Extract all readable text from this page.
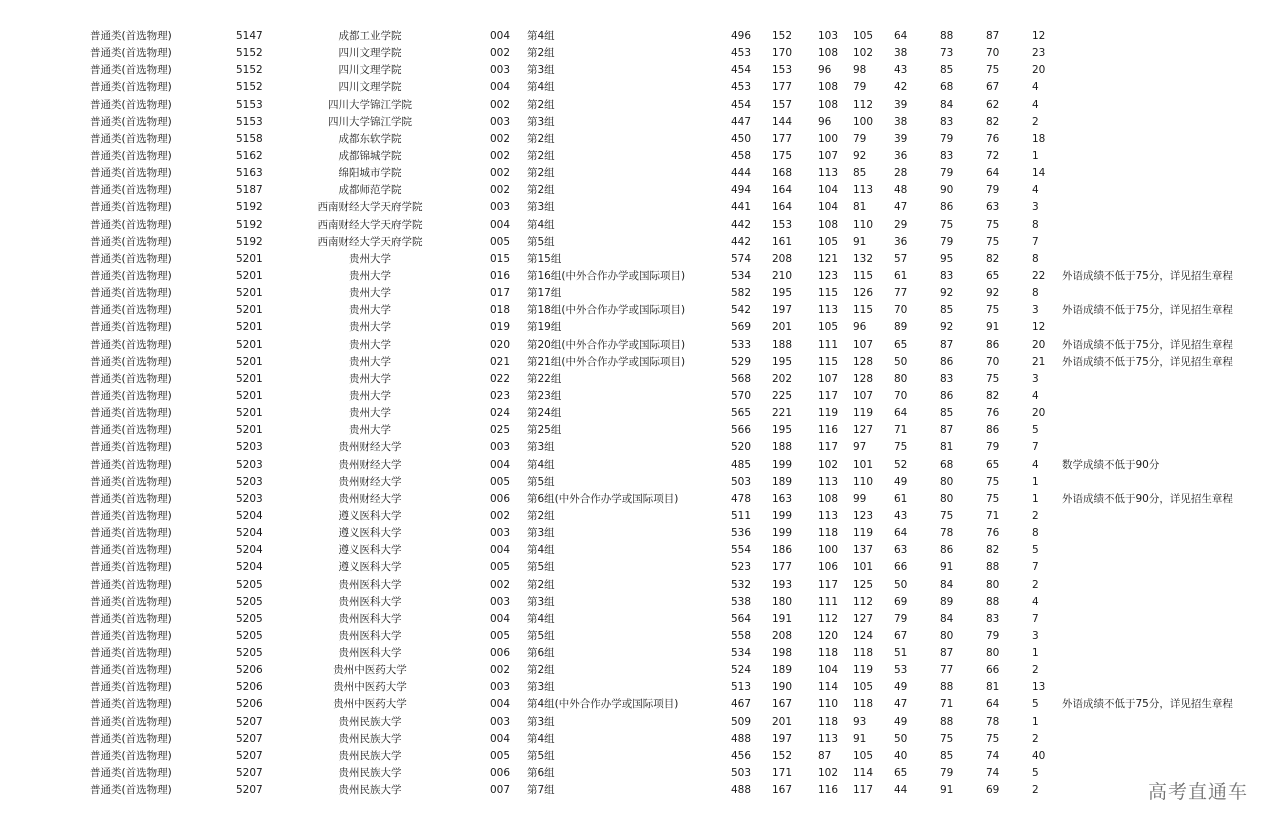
普通类(首选物理)	5147	成都工业学院	004 第4组	496 152 103 105 64	88	87	12
普通类(首选物理)	5152	四川文理学院	002 第2组	453 170 108 102 38	73	70	23
普通类(首选物理)	5152	四川文理学院	003 第3组	454 153 96 98	43	85	75	20
普通类(首选物理)	5152	四川文理学院	004 第4组	453 177 108 79	42	68	67	4
普通类(首选物理)	5153	四川大学锦江学院	002 第2组	454 157 108 112 39	84	62	4
普通类(首选物理)	5153	四川大学锦江学院	003 第3组	447 144 96 100 38	83	82	2
普通类(首选物理)	5158	成都东软学院	002 第2组	450 177 100 79	39	79	76	18
普通类(首选物理)	5162	成都锦城学院	002 第2组	458 175 107 92	36	83	72	1
普通类(首选物理)	5163	绵阳城市学院	002 第2组	444 168 113 85	28	79	64	14
普通类(首选物理)	5187	成都师范学院	002 第2组	494 164 104 113 48	90	79	4
普通类(首选物理)	5192	西南财经大学天府学院	003 第3组	441 164 104 81	47	86	63	3
普通类(首选物理)	5192	西南财经大学天府学院	004 第4组	442 153 108 110 29	75	75	8
普通类(首选物理)	5192	西南财经大学天府学院	005 第5组	442 161 105 91	36	79	75	7
普通类(首选物理)	5201	贵州大学	015 第15组	574 208 121 132 57	95	82	8
普通类(首选物理)	5201	贵州大学	016 第16组(中外合作办学或国际项目)	534 210 123 115 61	83	65	22 外语成绩不低于75分，详见招生章程
普通类(首选物理)	5201	贵州大学	017 第17组	582 195 115 126 77	92	92	8
普通类(首选物理)	5201	贵州大学	018 第18组(中外合作办学或国际项目)	542 197 113 115 70	85	75	3 外语成绩不低于75分，详见招生章程
普通类(首选物理)	5201	贵州大学	019 第19组	569 201 105 96	89	92	91	12
普通类(首选物理)	5201	贵州大学	020 第20组(中外合作办学或国际项目)	533 188 111 107 65	87	86	20 外语成绩不低于75分，详见招生章程
普通类(首选物理)	5201	贵州大学	021 第21组(中外合作办学或国际项目)	529 195 115 128 50	86	70	21 外语成绩不低于75分，详见招生章程
普通类(首选物理)	5201	贵州大学	022 第22组	568 202 107 128 80	83	75	3
普通类(首选物理)	5201	贵州大学	023 第23组	570 225 117 107 70	86	82	4
普通类(首选物理)	5201	贵州大学	024 第24组	565 221 119 119 64	85	76	20
普通类(首选物理)	5201	贵州大学	025 第25组	566 195 116 127 71	87	86	5
普通类(首选物理)	5203	贵州财经大学	003 第3组	520 188 117 97	75	81	79	7
普通类(首选物理)	5203	贵州财经大学	004 第4组	485 199 102 101 52	68	65	4 数学成绩不低于90分
普通类(首选物理)	5203	贵州财经大学	005 第5组	503 189 113 110 49	80	75	1
普通类(首选物理)	5203	贵州财经大学	006 第6组(中外合作办学或国际项目)	478 163 108 99	61	80	75	1 外语成绩不低于90分，详见招生章程
普通类(首选物理)	5204	遵义医科大学	002 第2组	511 199 113 123 43	75	71	2
普通类(首选物理)	5204	遵义医科大学	003 第3组	536 199 118 119 64	78	76	8
普通类(首选物理)	5204	遵义医科大学	004 第4组	554 186 100 137 63	86	82	5
普通类(首选物理)	5204	遵义医科大学	005 第5组	523 177 106 101 66	91	88	7
普通类(首选物理)	5205	贵州医科大学	002 第2组	532 193 117 125 50	84	80	2
普通类(首选物理)	5205	贵州医科大学	003 第3组	538 180 111 112 69	89	88	4
普通类(首选物理)	5205	贵州医科大学	004 第4组	564 191 112 127 79	84	83	7
普通类(首选物理)	5205	贵州医科大学	005 第5组	558 208 120 124 67	80	79	3
普通类(首选物理)	5205	贵州医科大学	006 第6组	534 198 118 118 51	87	80	1
普通类(首选物理)	5206	贵州中医药大学	002 第2组	524 189 104 119 53	77	66	2
普通类(首选物理)	5206	贵州中医药大学	003 第3组	513 190 114 105 49	88	81	13
普通类(首选物理)	5206	贵州中医药大学	004 第4组(中外合作办学或国际项目)	467 167 110 118 47	71	64	5 外语成绩不低于75分，详见招生章程
普通类(首选物理)	5207	贵州民族大学	003 第3组	509 201 118 93	49	88	78	1
普通类(首选物理)	5207	贵州民族大学	004 第4组	488 197 113 91	50	75	75	2
普通类(首选物理)	5207	贵州民族大学	005 第5组	456 152 87 105 40	85	74	40
普通类(首选物理)	5207	贵州民族大学	006 第6组	503 171 102 114 65	79	74	5
普通类(首选物理)	5207	贵州民族大学	007 第7组	488 167 116 117 44	91	69	2	高考直通车
